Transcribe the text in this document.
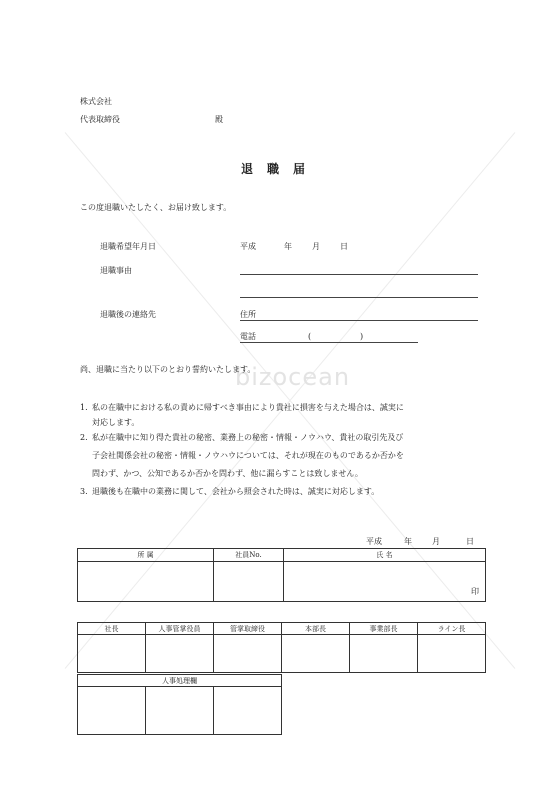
bizocean
株式会社
代表取締役	殿
退職届
この度退職いたしたく、お届け致します。
退職希望年月日	平成	年	月	日
退職事由
退職後の連絡先	住所
電話	(	)
尚、退職に当たり以下のとおり誓約いたします。
1. 私の在職中における私の責めに帰すべき事由により貴社に損害を与えた場合は、誠実に
対応します。
2. 私が在職中に知り得た貴社の秘密、業務上の秘密・情報・ノウハウ、貴社の取引先及び
子会社関係会社の秘密・情報・ノウハウについては、それが現在のものであるか否かを
問わず、かつ、公知であるか否かを問わず、他に漏らすことは致しません。
3. 退職後も在職中の業務に関して、会社から照会された時は、誠実に対応します。
平成	年	月	日
所 属	社員No.	氏 名

		印
社長	人事管掌役員	管掌取締役	本部長	事業部長	ライン長

人事処理欄
